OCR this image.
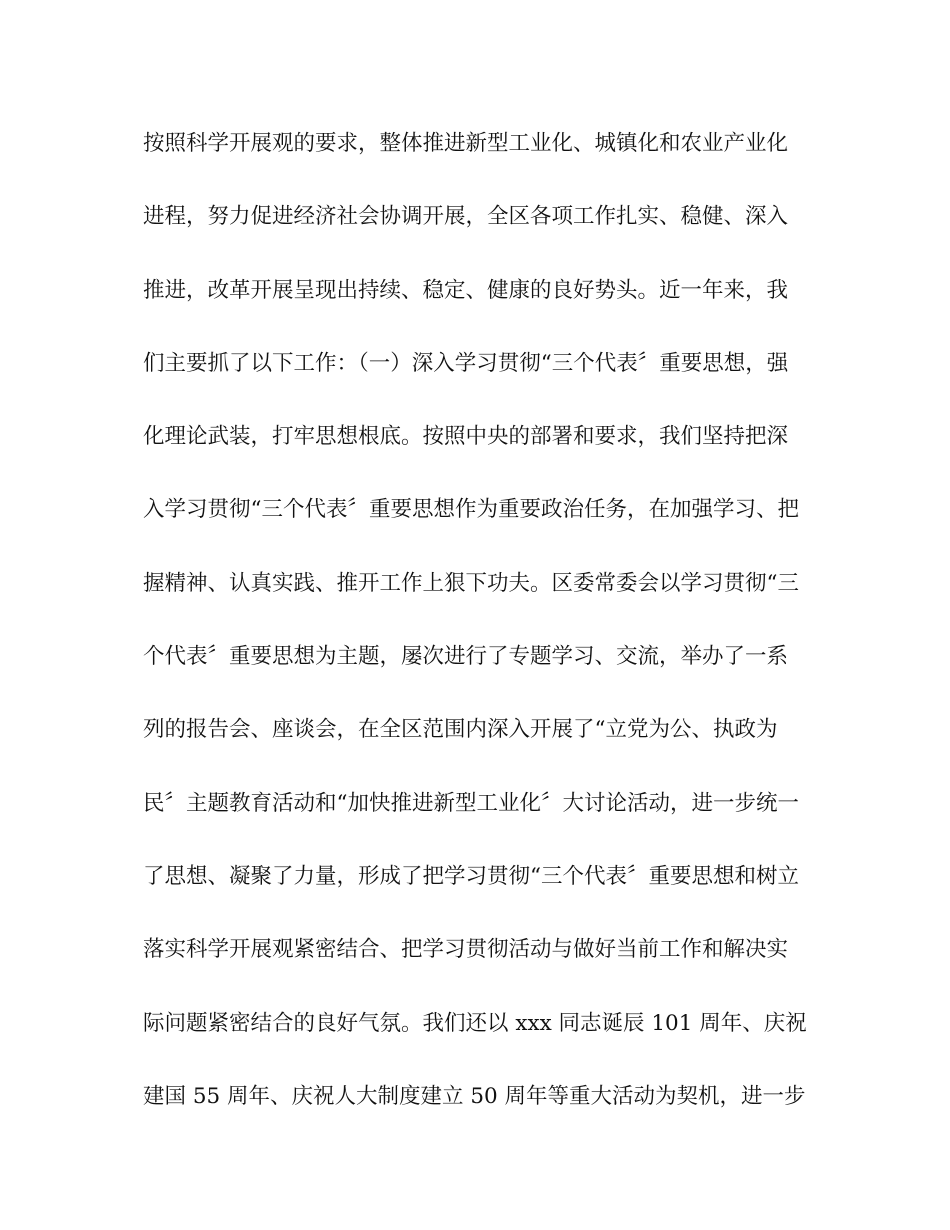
按照科学开展观的要求，整体推进新型工业化、城镇化和农业产业化
进程，努力促进经济社会协调开展，全区各项工作扎实、稳健、深入
推进，改革开展呈现出持续、稳定、健康的良好势头。近一年来，我
们主要抓了以下工作：（一）深入学习贯彻“三个代表〞重要思想，强
化理论武装，打牢思想根底。按照中央的部署和要求，我们坚持把深
入学习贯彻“三个代表〞重要思想作为重要政治任务，在加强学习、把
握精神、认真实践、推开工作上狠下功夫。区委常委会以学习贯彻“三
个代表〞重要思想为主题，屡次进行了专题学习、交流，举办了一系
列的报告会、座谈会，在全区范围内深入开展了“立党为公、执政为
民〞主题教育活动和“加快推进新型工业化〞大讨论活动，进一步统一
了思想、凝聚了力量，形成了把学习贯彻“三个代表〞重要思想和树立
落实科学开展观紧密结合、把学习贯彻活动与做好当前工作和解决实
际问题紧密结合的良好气氛。我们还以 xxx 同志诞辰 101 周年、庆祝
建国 55 周年、庆祝人大制度建立 50 周年等重大活动为契机，进一步
